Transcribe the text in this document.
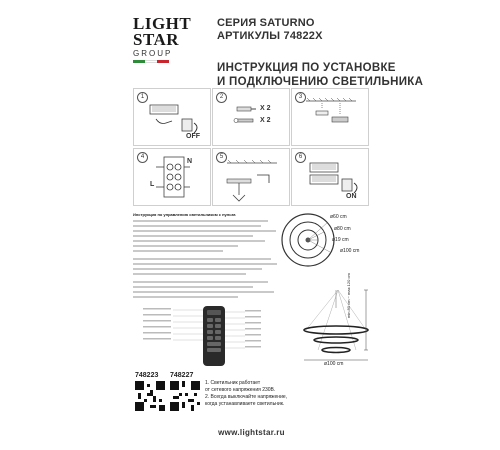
LIGHT
STAR
GROUP
СЕРИЯ SATURNO
АРТИКУЛЫ 74822X
ИНСТРУКЦИЯ ПО УСТАНОВКЕ
И ПОДКЛЮЧЕНИЮ СВЕТИЛЬНИКА
1
OFF
2
X 2
X 2
3
4
N
L
5	6
ON
Инструкция по управлению светильником с пульта	ø60 cm
ø80 cm
ø19 cm
ø100 cm
min 80 cm ~ max 120 cm
ø100 cm
748223 748227
1. Светильник работает
от сетевого напряжения 230В.
2. Всегда выключайте напряжение,
когда устанавливаете светильник.
www.lightstar.ru
